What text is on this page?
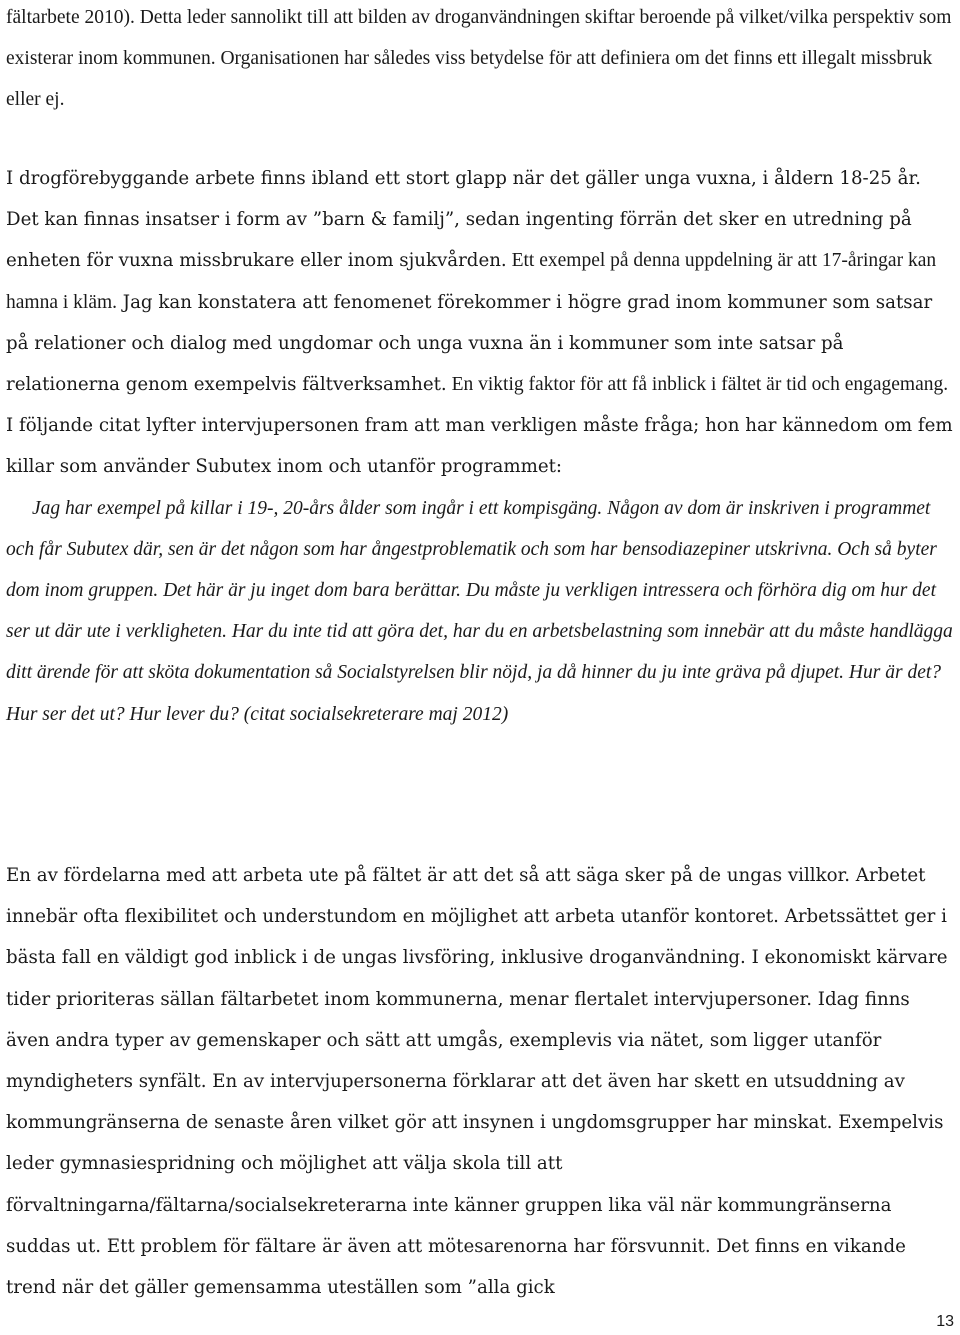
fältarbete 2010). Detta leder sannolikt till att bilden av droganvändningen skiftar beroende på vilket/vilka perspektiv som existerar inom kommunen. Organisationen har således viss betydelse för att definiera om det finns ett illegalt missbruk eller ej.

I drogförebyggande arbete finns ibland ett stort glapp när det gäller unga vuxna, i åldern 18-25 år. Det kan finnas insatser i form av ”barn & familj”, sedan ingenting förrän det sker en utredning på enheten för vuxna missbrukare eller inom sjukvården. Ett exempel på denna uppdelning är att 17-åringar kan hamna i kläm. Jag kan konstatera att fenomenet förekommer i högre grad inom kommuner som satsar på relationer och dialog med ungdomar och unga vuxna än i kommuner som inte satsar på relationerna genom exempelvis fältverksamhet. En viktig faktor för att få inblick i fältet är tid och engagemang. I följande citat lyfter intervjupersonen fram att man verkligen måste fråga; hon har kännedom om fem killar som använder Subutex inom och utanför programmet:
Jag har exempel på killar i 19-, 20-års ålder som ingår i ett kompisgäng. Någon av dom är inskriven i programmet och får Subutex där, sen är det någon som har ångestproblematik och som har bensodiazepiner utskrivna. Och så byter dom inom gruppen. Det här är ju inget dom bara berättar. Du måste ju verkligen intressera och förhöra dig om hur det ser ut där ute i verkligheten. Har du inte tid att göra det, har du en arbetsbelastning som innebär att du måste handlägga ditt ärende för att sköta dokumentation så Socialstyrelsen blir nöjd, ja då hinner du ju inte gräva på djupet. Hur är det? Hur ser det ut? Hur lever du? (citat socialsekreterare maj 2012)

En av fördelarna med att arbeta ute på fältet är att det så att säga sker på de ungas villkor. Arbetet innebär ofta flexibilitet och understundom en möjlighet att arbeta utanför kontoret. Arbetssättet ger i bästa fall en väldigt god inblick i de ungas livsföring, inklusive droganvändning. I ekonomiskt kärvare tider prioriteras sällan fältarbetet inom kommunerna, menar flertalet intervjupersoner. Idag finns även andra typer av gemenskaper och sätt att umgås, exemplevis via nätet, som ligger utanför myndigheters synfält. En av intervjupersonerna förklarar att det även har skett en utsuddning av kommungränserna de senaste åren vilket gör att insynen i ungdomsgrupper har minskat. Exempelvis leder gymnasiespridning och möjlighet att välja skola till att förvaltningarna/fältarna/socialsekreterarna inte känner gruppen lika väl när kommungränserna suddas ut. Ett problem för fältare är även att mötesarenorna har försvunnit. Det finns en vikande trend när det gäller gemensamma uteställen som ”alla gick

13
